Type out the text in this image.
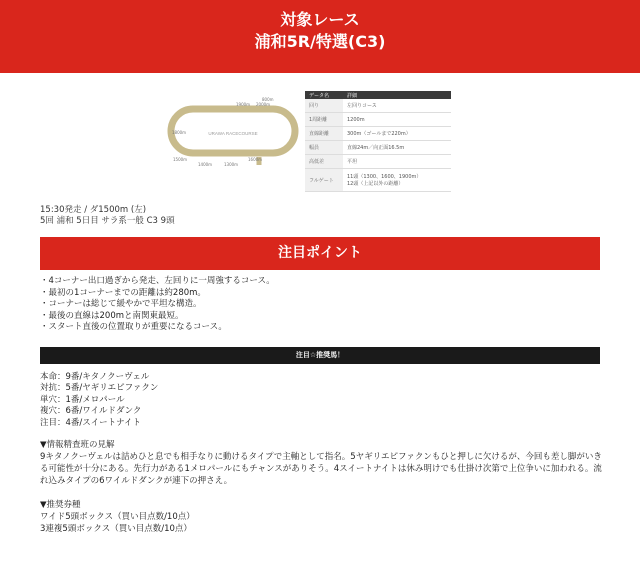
対象レース
浦和5R/特選(C3)
URAWA RACECOURSE
1900m
800m
2000m
1800m
1500m
1400m	1300m
1600m
データ名	詳細
回り	左回りコース
1周距離	1200m
直線距離	300m（ゴールまで220m）
幅員	直線24m／向正面16.5m
高低差	平坦
フルゲート	11頭（1300、1600、1900m）
12頭（上記以外の距離）
15:30発走 / ダ1500m (左)
5回 浦和 5日目 サラ系一般 C3 9頭
注目ポイント
・4コーナー出口過ぎから発走、左回りに一周強するコース。
・最初の1コーナーまでの距離は約280m。
・コーナーは総じて緩やかで平坦な構造。
・最後の直線は200mと南関東最短。
・スタート直後の位置取りが重要になるコース。
注目☆推奨馬！
本命：9番/キタノクーヴェル
対抗：5番/ヤギリエピファクン
単穴：1番/メロパール
複穴：6番/ワイルドダンク
注目：4番/スイートナイト
▼情報精査班の見解
9キタノクーヴェルは詰めひと息でも相手なりに動けるタイプで主軸として指名。5ヤギリエピファクンもひと押しに欠けるが、今回も差し脚がいきる可能性が十分にある。先行力がある1メロパールにもチャンスがありそう。4スイートナイトは休み明けでも仕掛け次第で上位争いに加われる。流れ込みタイプの6ワイルドダンクが連下の押さえ。
▼推奨券種
ワイド5頭ボックス（買い目点数/10点）
3連複5頭ボックス（買い目点数/10点）
